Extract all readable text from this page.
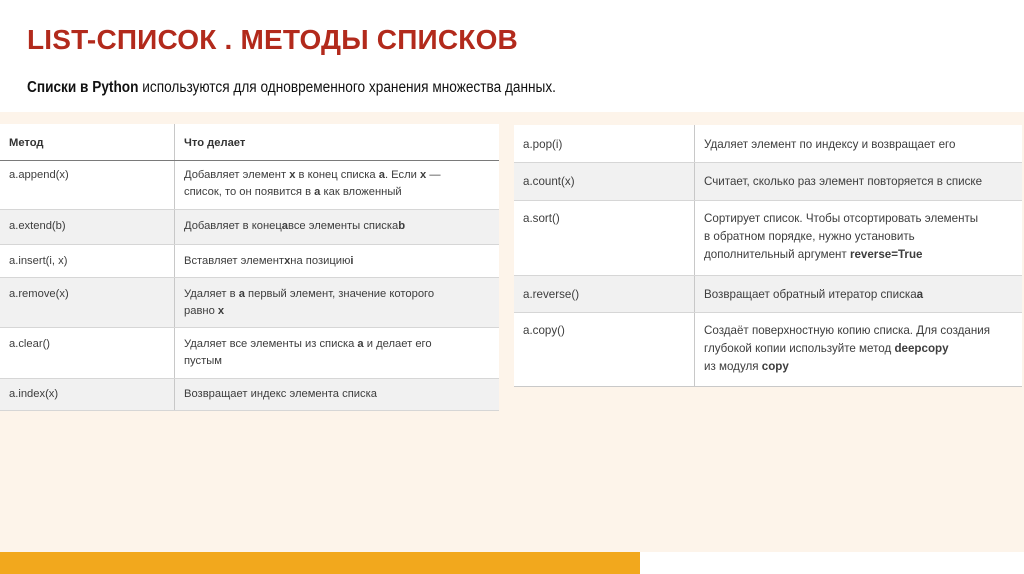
LIST-СПИСОК . МЕТОДЫ СПИСКОВ
Списки в Python используются для одновременного хранения множества данных.
Метод	Что делает
a.append(x)	Добавляет элемент x в конец списка a. Если x —
список, то он появится в a как вложенный
a.extend(b)	Добавляет в конец a все элементы списка b
a.insert(i, x)	Вставляет элемент x на позицию i
a.remove(x)	Удаляет в a первый элемент, значение которого
равно x
a.clear()	Удаляет все элементы из списка a и делает его
пустым
a.index(x)	Возвращает индекс элемента списка
a.pop(i)	Удаляет элемент по индексу и возвращает его
a.count(x)	Считает, сколько раз элемент повторяется в списке
a.sort()	Сортирует список. Чтобы отсортировать элементы
в обратном порядке, нужно установить
дополнительный аргумент reverse=True
a.reverse()	Возвращает обратный итератор списка a
a.copy()	Создаёт поверхностную копию списка. Для создания
глубокой копии используйте метод deepcopy
из модуля copy
